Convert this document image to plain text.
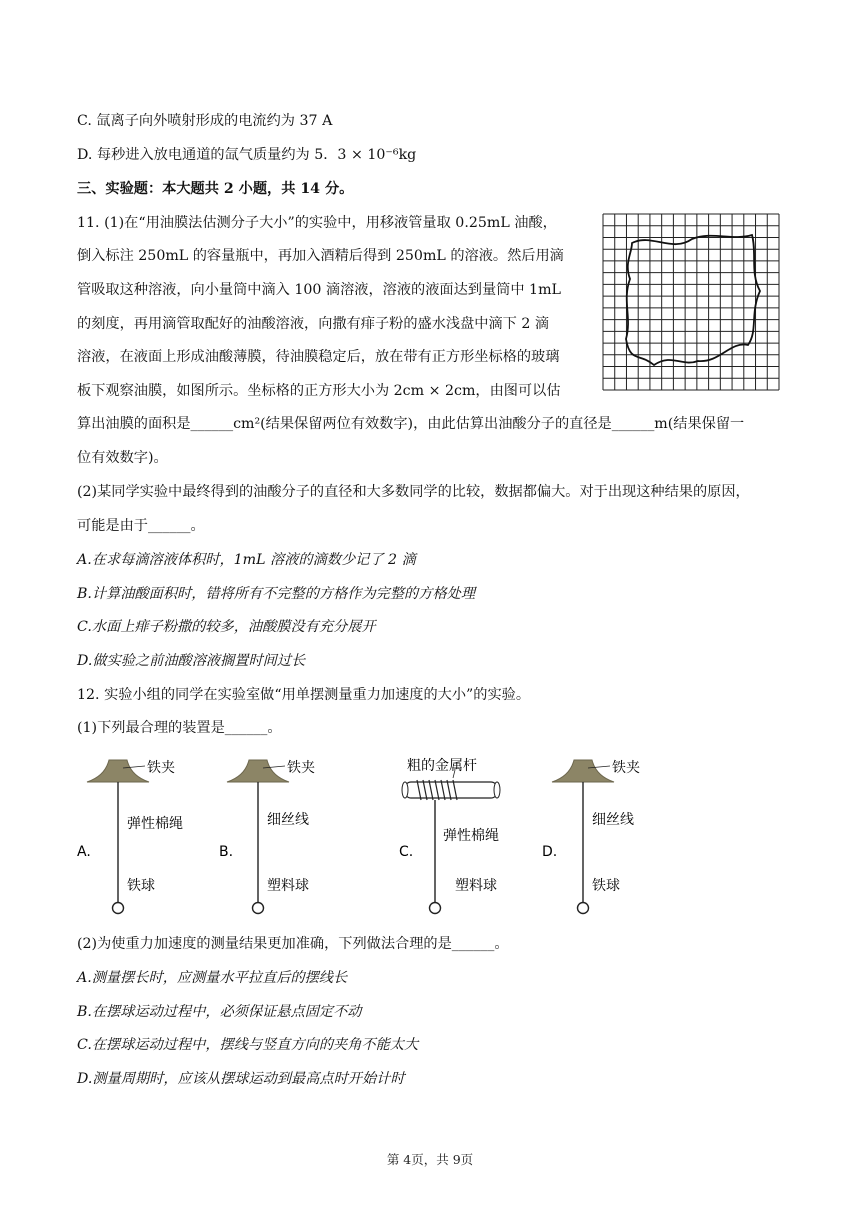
C. 氙离子向外喷射形成的电流约为 37 A
D. 每秒进入放电通道的氙气质量约为 5．3 × 10⁻⁶kg
三、实验题：本大题共 2 小题，共 14 分。
11. (1)在“用油膜法估测分子大小”的实验中，用移液管量取 0.25mL 油酸，
倒入标注 250mL 的容量瓶中，再加入酒精后得到 250mL 的溶液。然后用滴
管吸取这种溶液，向小量筒中滴入 100 滴溶液，溶液的液面达到量筒中 1mL
的刻度，再用滴管取配好的油酸溶液，向撒有痱子粉的盛水浅盘中滴下 2 滴
溶液，在液面上形成油酸薄膜，待油膜稳定后，放在带有正方形坐标格的玻璃
板下观察油膜，如图所示。坐标格的正方形大小为 2cm × 2cm，由图可以估
算出油膜的面积是______cm²(结果保留两位有效数字)，由此估算出油酸分子的直径是______m(结果保留一
位有效数字)。
(2)某同学实验中最终得到的油酸分子的直径和大多数同学的比较，数据都偏大。对于出现这种结果的原因，
可能是由于______。
A.在求每滴溶液体积时，1mL 溶液的滴数少记了 2 滴
B.计算油酸面积时，错将所有不完整的方格作为完整的方格处理
C.水面上痱子粉撒的较多，油酸膜没有充分展开
D.做实验之前油酸溶液搁置时间过长
12. 实验小组的同学在实验室做“用单摆测量重力加速度的大小”的实验。
(1)下列最合理的装置是______。
铁夹
弹性棉绳
铁球
A.
铁夹
细丝线
塑料球
B.
粗的金属杆
弹性棉绳
塑料球
C.
铁夹
细丝线
铁球
D.
(2)为使重力加速度的测量结果更加准确，下列做法合理的是______。
A.测量摆长时，应测量水平拉直后的摆线长
B.在摆球运动过程中，必须保证悬点固定不动
C.在摆球运动过程中，摆线与竖直方向的夹角不能太大
D.测量周期时，应该从摆球运动到最高点时开始计时
第 4页，共 9页
